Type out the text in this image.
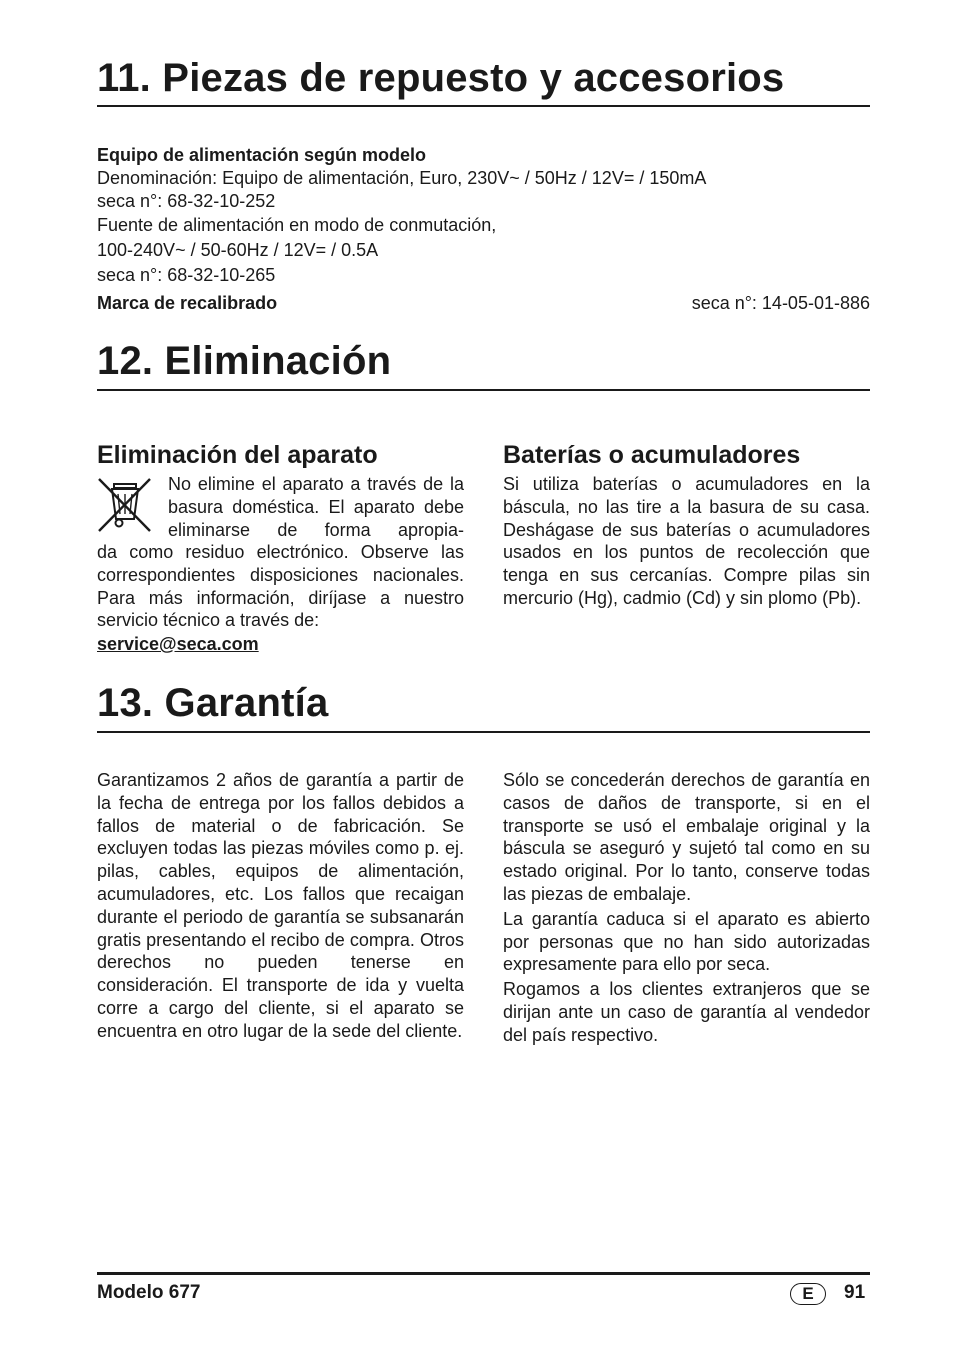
11. Piezas de repuesto y accesorios
Equipo de alimentación según modelo
Denominación: Equipo de alimentación, Euro, 230V~ / 50Hz / 12V= / 150mA
seca n°: 68-32-10-252
Fuente de alimentación en modo de conmutación,
100-240V~ / 50-60Hz / 12V= / 0.5A
seca n°: 68-32-10-265
Marca de recalibrado	seca n°: 14-05-01-886
12. Eliminación
Eliminación del aparato
No elimine el aparato a través de la basura doméstica. El aparato debe eliminarse de forma apropia-
da como residuo electrónico. Observe las correspondientes disposiciones nacionales. Para más información, diríjase a nuestro servicio técnico a través de:
service@seca.com
Baterías o acumuladores
Si utiliza baterías o acumuladores en la báscula, no las tire a la basura de su casa. Deshágase de sus baterías o acumuladores usados en los puntos de recolección que tenga en sus cercanías. Compre pilas sin mercurio (Hg), cadmio (Cd) y sin plomo (Pb).
13. Garantía
Garantizamos 2 años de garantía a partir de la fecha de entrega por los fallos debidos a fallos de material o de fabricación. Se excluyen todas las piezas móviles como p. ej. pilas, cables, equipos de alimentación, acumuladores, etc. Los fallos que recaigan durante el periodo de garantía se subsanarán gratis presentando el recibo de compra. Otros derechos no pueden tenerse en consideración. El transporte de ida y vuelta corre a cargo del cliente, si el aparato se encuentra en otro lugar de la sede del cliente.

Sólo se concederán derechos de garantía en casos de daños de transporte, si en el transporte se usó el embalaje original y la báscula se aseguró y sujetó tal como en su estado original. Por lo tanto, conserve todas las piezas de embalaje.

La garantía caduca si el aparato es abierto por personas que no han sido autorizadas expresamente para ello por seca.

Rogamos a los clientes extranjeros que se dirijan ante un caso de garantía al vendedor del país respectivo.

Modelo 677	E	91
